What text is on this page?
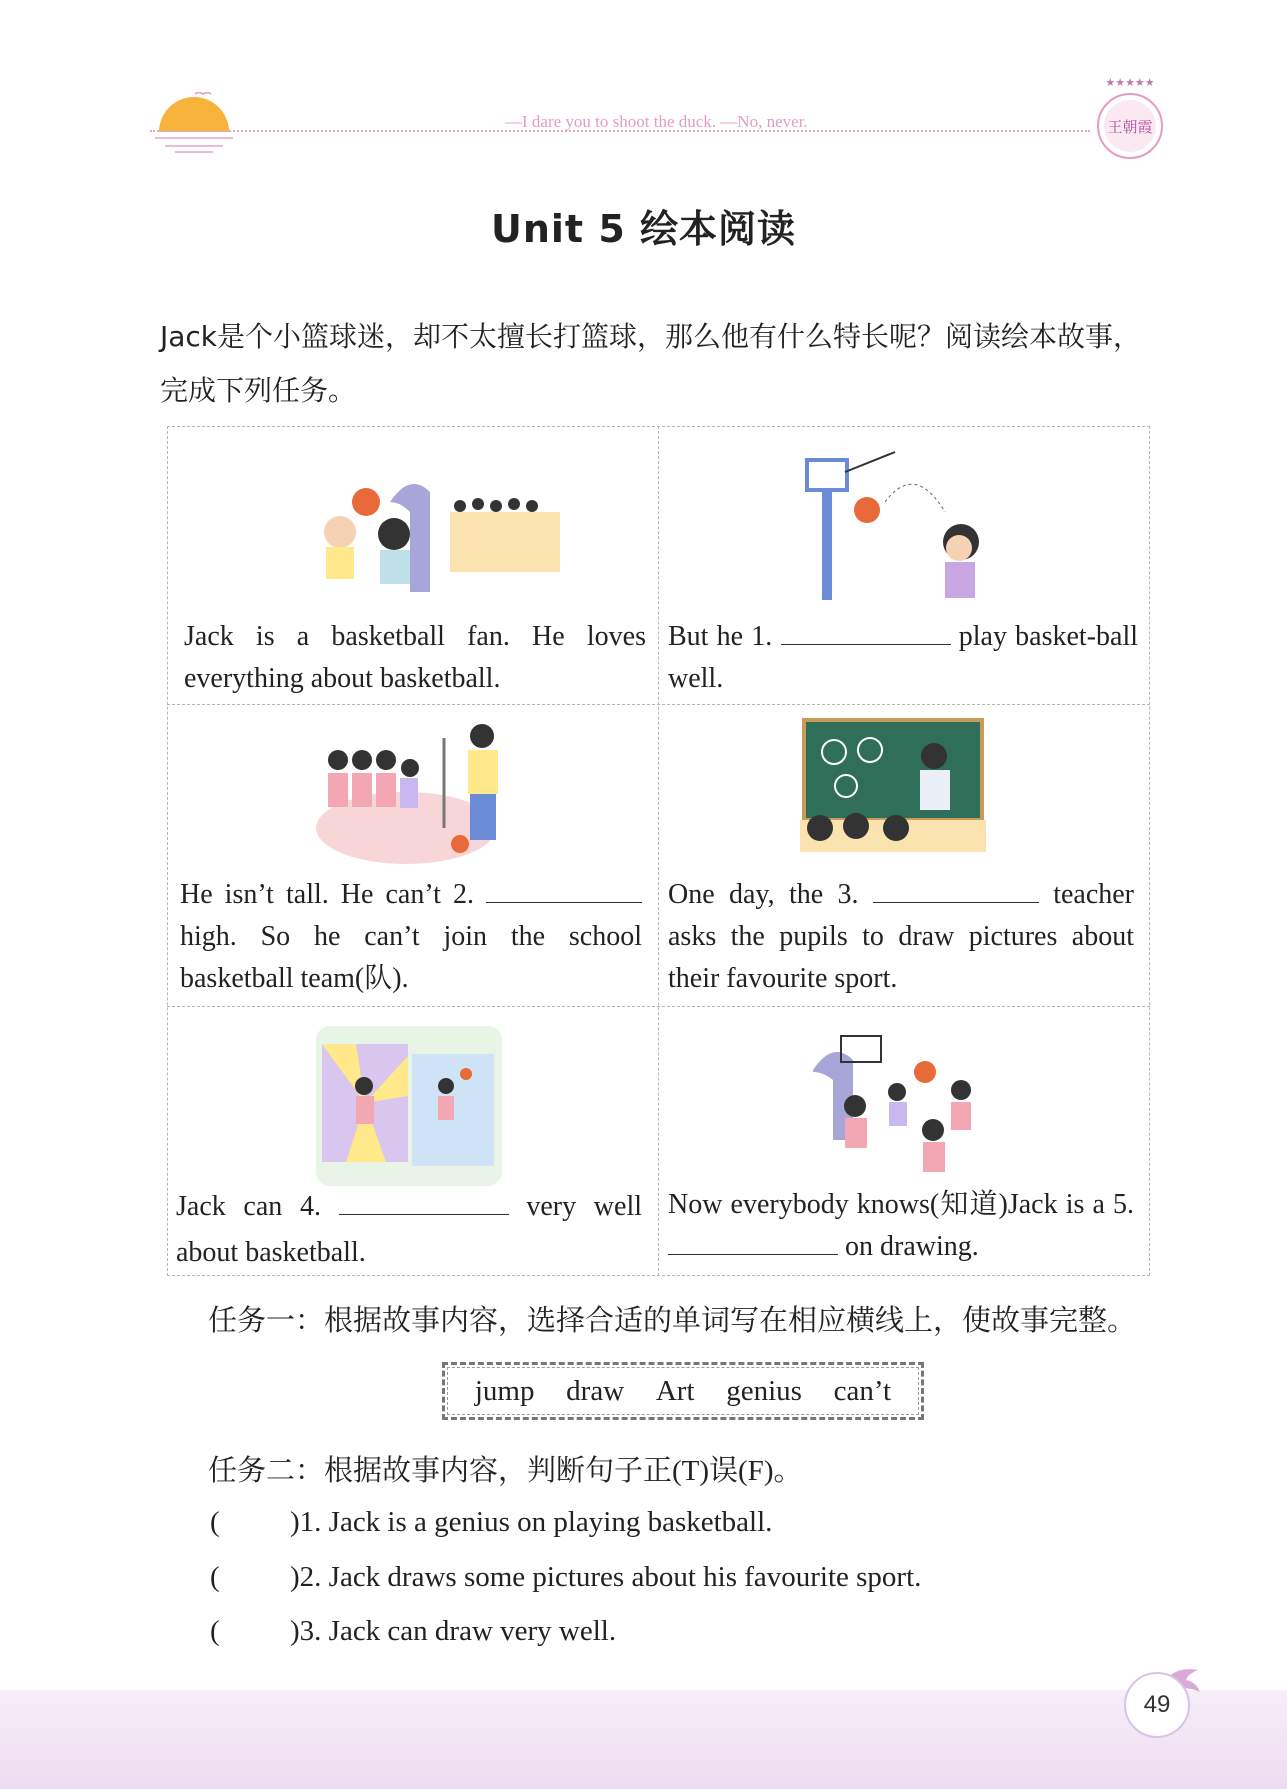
—I dare you to shoot the duck. —No, never.
★★★★★
王朝霞
Unit 5 绘本阅读
Jack是个小篮球迷，却不太擅长打篮球，那么他有什么特长呢？阅读绘本故事，完成下列任务。
Jack is a basketball fan. He loves everything about basketball.
But he 1.	play basket-ball well.
He isn’t tall. He can’t 2.  high. So he can’t join the school basketball team(队).
One day, the 3.	teacher asks the pupils to draw pictures about their favourite sport.
Jack can 4.	very well about basketball.
Now everybody knows(知道)Jack is a 5.  on drawing.
任务一：根据故事内容，选择合适的单词写在相应横线上，使故事完整。
jump draw Art genius can’t
任务二：根据故事内容，判断句子正(T)误(F)。
( )1. Jack is a genius on playing basketball.
( )2. Jack draws some pictures about his favourite sport.
( )3. Jack can draw very well.
49
